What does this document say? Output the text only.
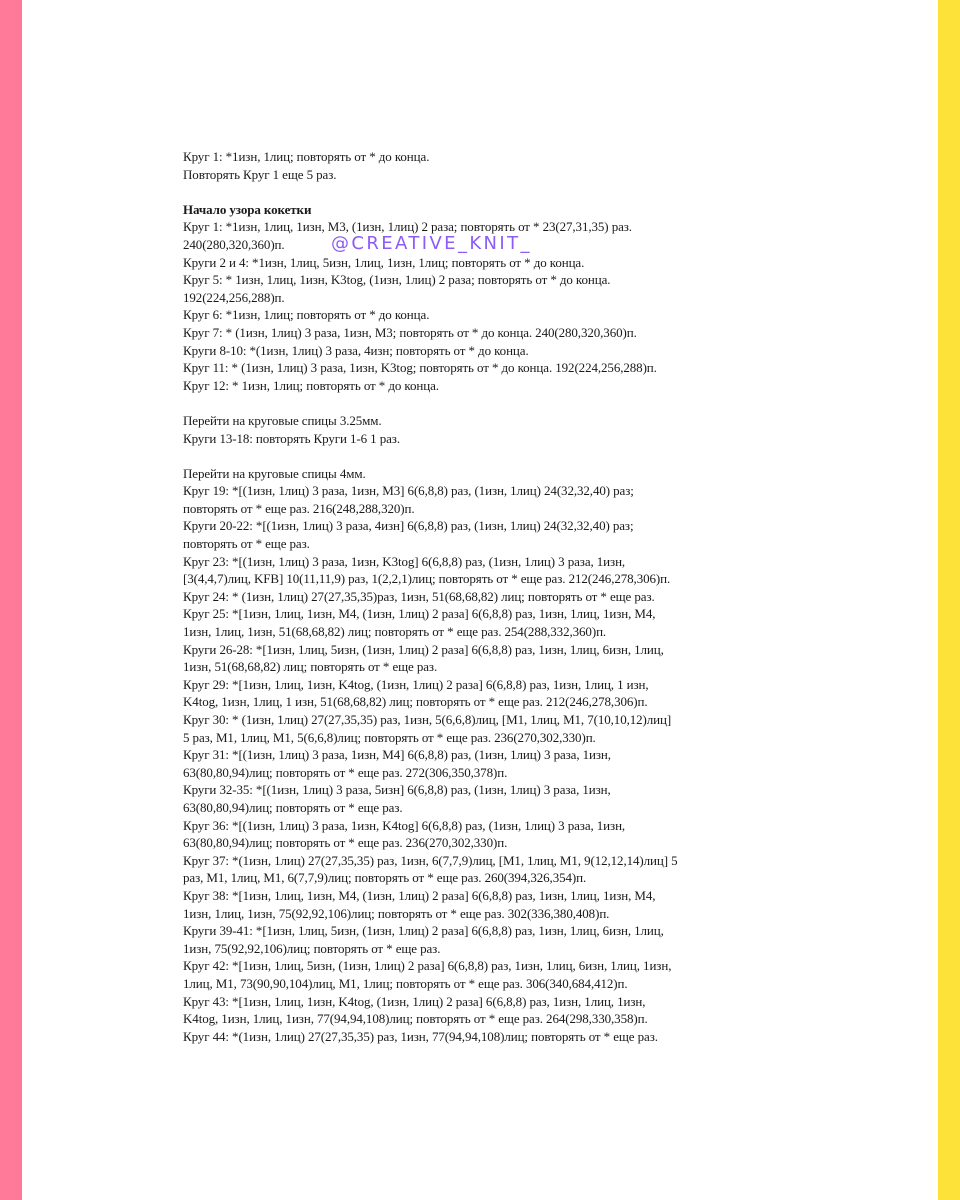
Круг 1: *1изн, 1лиц; повторять от * до конца.
Повторять Круг 1 еще 5 раз.
Начало узора кокетки
Круг 1: *1изн, 1лиц, 1изн, М3, (1изн, 1лиц) 2 раза; повторять от * 23(27,31,35) раз.
240(280,320,360)п.	@CREATIVE_KNIT_
Круги 2 и 4: *1изн, 1лиц, 5изн, 1лиц, 1изн, 1лиц; повторять от * до конца.
Круг 5: * 1изн, 1лиц, 1изн, K3tog, (1изн, 1лиц) 2 раза; повторять от * до конца.
192(224,256,288)п.
Круг 6: *1изн, 1лиц; повторять от * до конца.
Круг 7: * (1изн, 1лиц) 3 раза, 1изн, М3; повторять от * до конца. 240(280,320,360)п.
Круги 8-10: *(1изн, 1лиц) 3 раза, 4изн; повторять от * до конца.
Круг 11: * (1изн, 1лиц) 3 раза, 1изн, K3tog; повторять от * до конца. 192(224,256,288)п.
Круг 12: * 1изн, 1лиц; повторять от * до конца.
Перейти на круговые спицы 3.25мм.
Круги 13-18: повторять Круги 1-6 1 раз.
Перейти на круговые спицы 4мм.
Круг 19: *[(1изн, 1лиц) 3 раза, 1изн, М3] 6(6,8,8) раз, (1изн, 1лиц) 24(32,32,40) раз;
повторять от * еще раз. 216(248,288,320)п.
Круги 20-22: *[(1изн, 1лиц) 3 раза, 4изн] 6(6,8,8) раз, (1изн, 1лиц) 24(32,32,40) раз;
повторять от * еще раз.
Круг 23: *[(1изн, 1лиц) 3 раза, 1изн, K3tog] 6(6,8,8) раз, (1изн, 1лиц) 3 раза, 1изн,
[3(4,4,7)лиц, KFB] 10(11,11,9) раз, 1(2,2,1)лиц; повторять от * еще раз. 212(246,278,306)п.
Круг 24: * (1изн, 1лиц) 27(27,35,35)раз, 1изн, 51(68,68,82) лиц; повторять от * еще раз.
Круг 25: *[1изн, 1лиц, 1изн, М4, (1изн, 1лиц) 2 раза] 6(6,8,8) раз, 1изн, 1лиц, 1изн, М4,
1изн, 1лиц, 1изн, 51(68,68,82) лиц; повторять от * еще раз. 254(288,332,360)п.
Круги 26-28: *[1изн, 1лиц, 5изн, (1изн, 1лиц) 2 раза] 6(6,8,8) раз, 1изн, 1лиц, 6изн, 1лиц,
1изн, 51(68,68,82) лиц; повторять от * еще раз.
Круг 29: *[1изн, 1лиц, 1изн, K4tog, (1изн, 1лиц) 2 раза] 6(6,8,8) раз, 1изн, 1лиц, 1 изн,
K4tog, 1изн, 1лиц, 1 изн, 51(68,68,82) лиц; повторять от * еще раз. 212(246,278,306)п.
Круг 30: * (1изн, 1лиц) 27(27,35,35) раз, 1изн, 5(6,6,8)лиц, [M1, 1лиц, M1, 7(10,10,12)лиц]
5 раз, M1, 1лиц, M1, 5(6,6,8)лиц; повторять от * еще раз. 236(270,302,330)п.
Круг 31: *[(1изн, 1лиц) 3 раза, 1изн, М4] 6(6,8,8) раз, (1изн, 1лиц) 3 раза, 1изн,
63(80,80,94)лиц; повторять от * еще раз. 272(306,350,378)п.
Круги 32-35: *[(1изн, 1лиц) 3 раза, 5изн] 6(6,8,8) раз, (1изн, 1лиц) 3 раза, 1изн,
63(80,80,94)лиц; повторять от * еще раз.
Круг 36: *[(1изн, 1лиц) 3 раза, 1изн, K4tog] 6(6,8,8) раз, (1изн, 1лиц) 3 раза, 1изн,
63(80,80,94)лиц; повторять от * еще раз. 236(270,302,330)п.
Круг 37: *(1изн, 1лиц) 27(27,35,35) раз, 1изн, 6(7,7,9)лиц, [M1, 1лиц, M1, 9(12,12,14)лиц] 5
раз, M1, 1лиц, M1, 6(7,7,9)лиц; повторять от * еще раз. 260(394,326,354)п.
Круг 38: *[1изн, 1лиц, 1изн, М4, (1изн, 1лиц) 2 раза] 6(6,8,8) раз, 1изн, 1лиц, 1изн, М4,
1изн, 1лиц, 1изн, 75(92,92,106)лиц; повторять от * еще раз. 302(336,380,408)п.
Круги 39-41: *[1изн, 1лиц, 5изн, (1изн, 1лиц) 2 раза] 6(6,8,8) раз, 1изн, 1лиц, 6изн, 1лиц,
1изн, 75(92,92,106)лиц; повторять от * еще раз.
Круг 42: *[1изн, 1лиц, 5изн, (1изн, 1лиц) 2 раза] 6(6,8,8) раз, 1изн, 1лиц, 6изн, 1лиц, 1изн,
1лиц, M1, 73(90,90,104)лиц, M1, 1лиц; повторять от * еще раз. 306(340,684,412)п.
Круг 43: *[1изн, 1лиц, 1изн, K4tog, (1изн, 1лиц) 2 раза] 6(6,8,8) раз, 1изн, 1лиц, 1изн,
K4tog, 1изн, 1лиц, 1изн, 77(94,94,108)лиц; повторять от * еще раз. 264(298,330,358)п.
Круг 44: *(1изн, 1лиц) 27(27,35,35) раз, 1изн, 77(94,94,108)лиц; повторять от * еще раз.
